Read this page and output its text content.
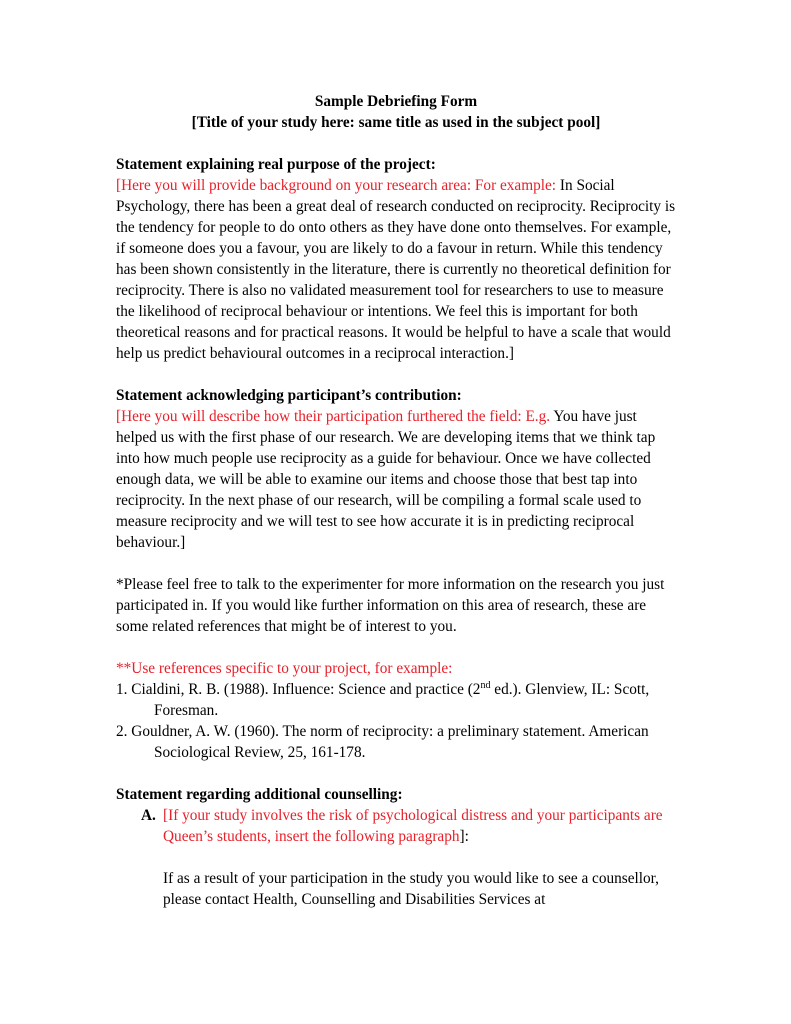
Sample Debriefing Form

[Title of your study here: same title as used in the subject pool]

Statement explaining real purpose of the project:

[Here you will provide background on your research area: For example: In Social Psychology, there has been a great deal of research conducted on reciprocity. Reciprocity is the tendency for people to do onto others as they have done onto themselves. For example, if someone does you a favour, you are likely to do a favour in return. While this tendency has been shown consistently in the literature, there is currently no theoretical definition for reciprocity. There is also no validated measurement tool for researchers to use to measure the likelihood of reciprocal behaviour or intentions. We feel this is important for both theoretical reasons and for practical reasons. It would be helpful to have a scale that would help us predict behavioural outcomes in a reciprocal interaction.]

Statement acknowledging participant’s contribution:

[Here you will describe how their participation furthered the field: E.g. You have just helped us with the first phase of our research. We are developing items that we think tap into how much people use reciprocity as a guide for behaviour. Once we have collected enough data, we will be able to examine our items and choose those that best tap into reciprocity. In the next phase of our research, will be compiling a formal scale used to measure reciprocity and we will test to see how accurate it is in predicting reciprocal behaviour.]

*Please feel free to talk to the experimenter for more information on the research you just participated in. If you would like further information on this area of research, these are some related references that might be of interest to you.

**Use references specific to your project, for example:

1. Cialdini, R. B. (1988). Influence: Science and practice (2nd ed.). Glenview, IL: Scott, Foresman.

2. Gouldner, A. W. (1960). The norm of reciprocity: a preliminary statement. American Sociological Review, 25, 161-178.

Statement regarding additional counselling:

A. [If your study involves the risk of psychological distress and your participants are Queen’s students, insert the following paragraph]:

If as a result of your participation in the study you would like to see a counsellor, please contact Health, Counselling and Disabilities Services at
